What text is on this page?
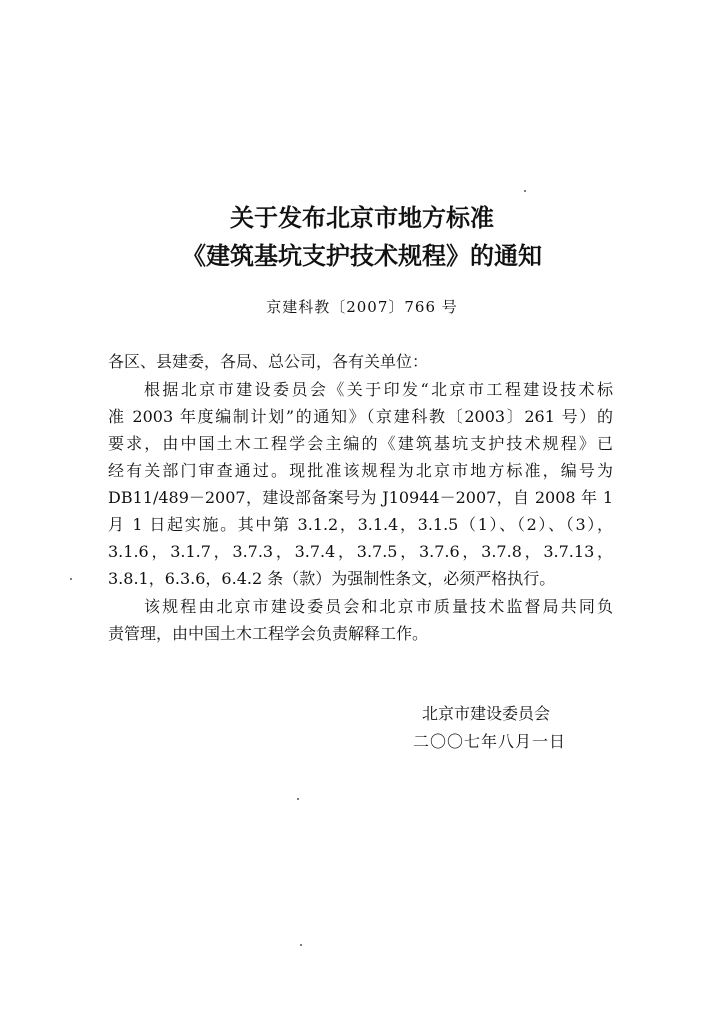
关于发布北京市地方标准
《建筑基坑支护技术规程》的通知
京建科教〔2007〕766 号
各区、县建委，各局、总公司，各有关单位：
根据北京市建设委员会《关于印发“北京市工程建设技术标
准 2003 年度编制计划”的通知》（京建科教〔2003〕261 号）的
要求，由中国土木工程学会主编的《建筑基坑支护技术规程》已
经有关部门审查通过。现批准该规程为北京市地方标准，编号为
DB11/489－2007，建设部备案号为 J10944－2007，自 2008 年 1
月 1 日起实施。其中第 3.1.2，3.1.4，3.1.5（1）、（2）、（3），
3.1.6，3.1.7，3.7.3，3.7.4，3.7.5，3.7.6，3.7.8，3.7.13，
3.8.1，6.3.6，6.4.2 条（款）为强制性条文，必须严格执行。
该规程由北京市建设委员会和北京市质量技术监督局共同负
责管理，由中国土木工程学会负责解释工作。
北京市建设委员会
二〇〇七年八月一日
